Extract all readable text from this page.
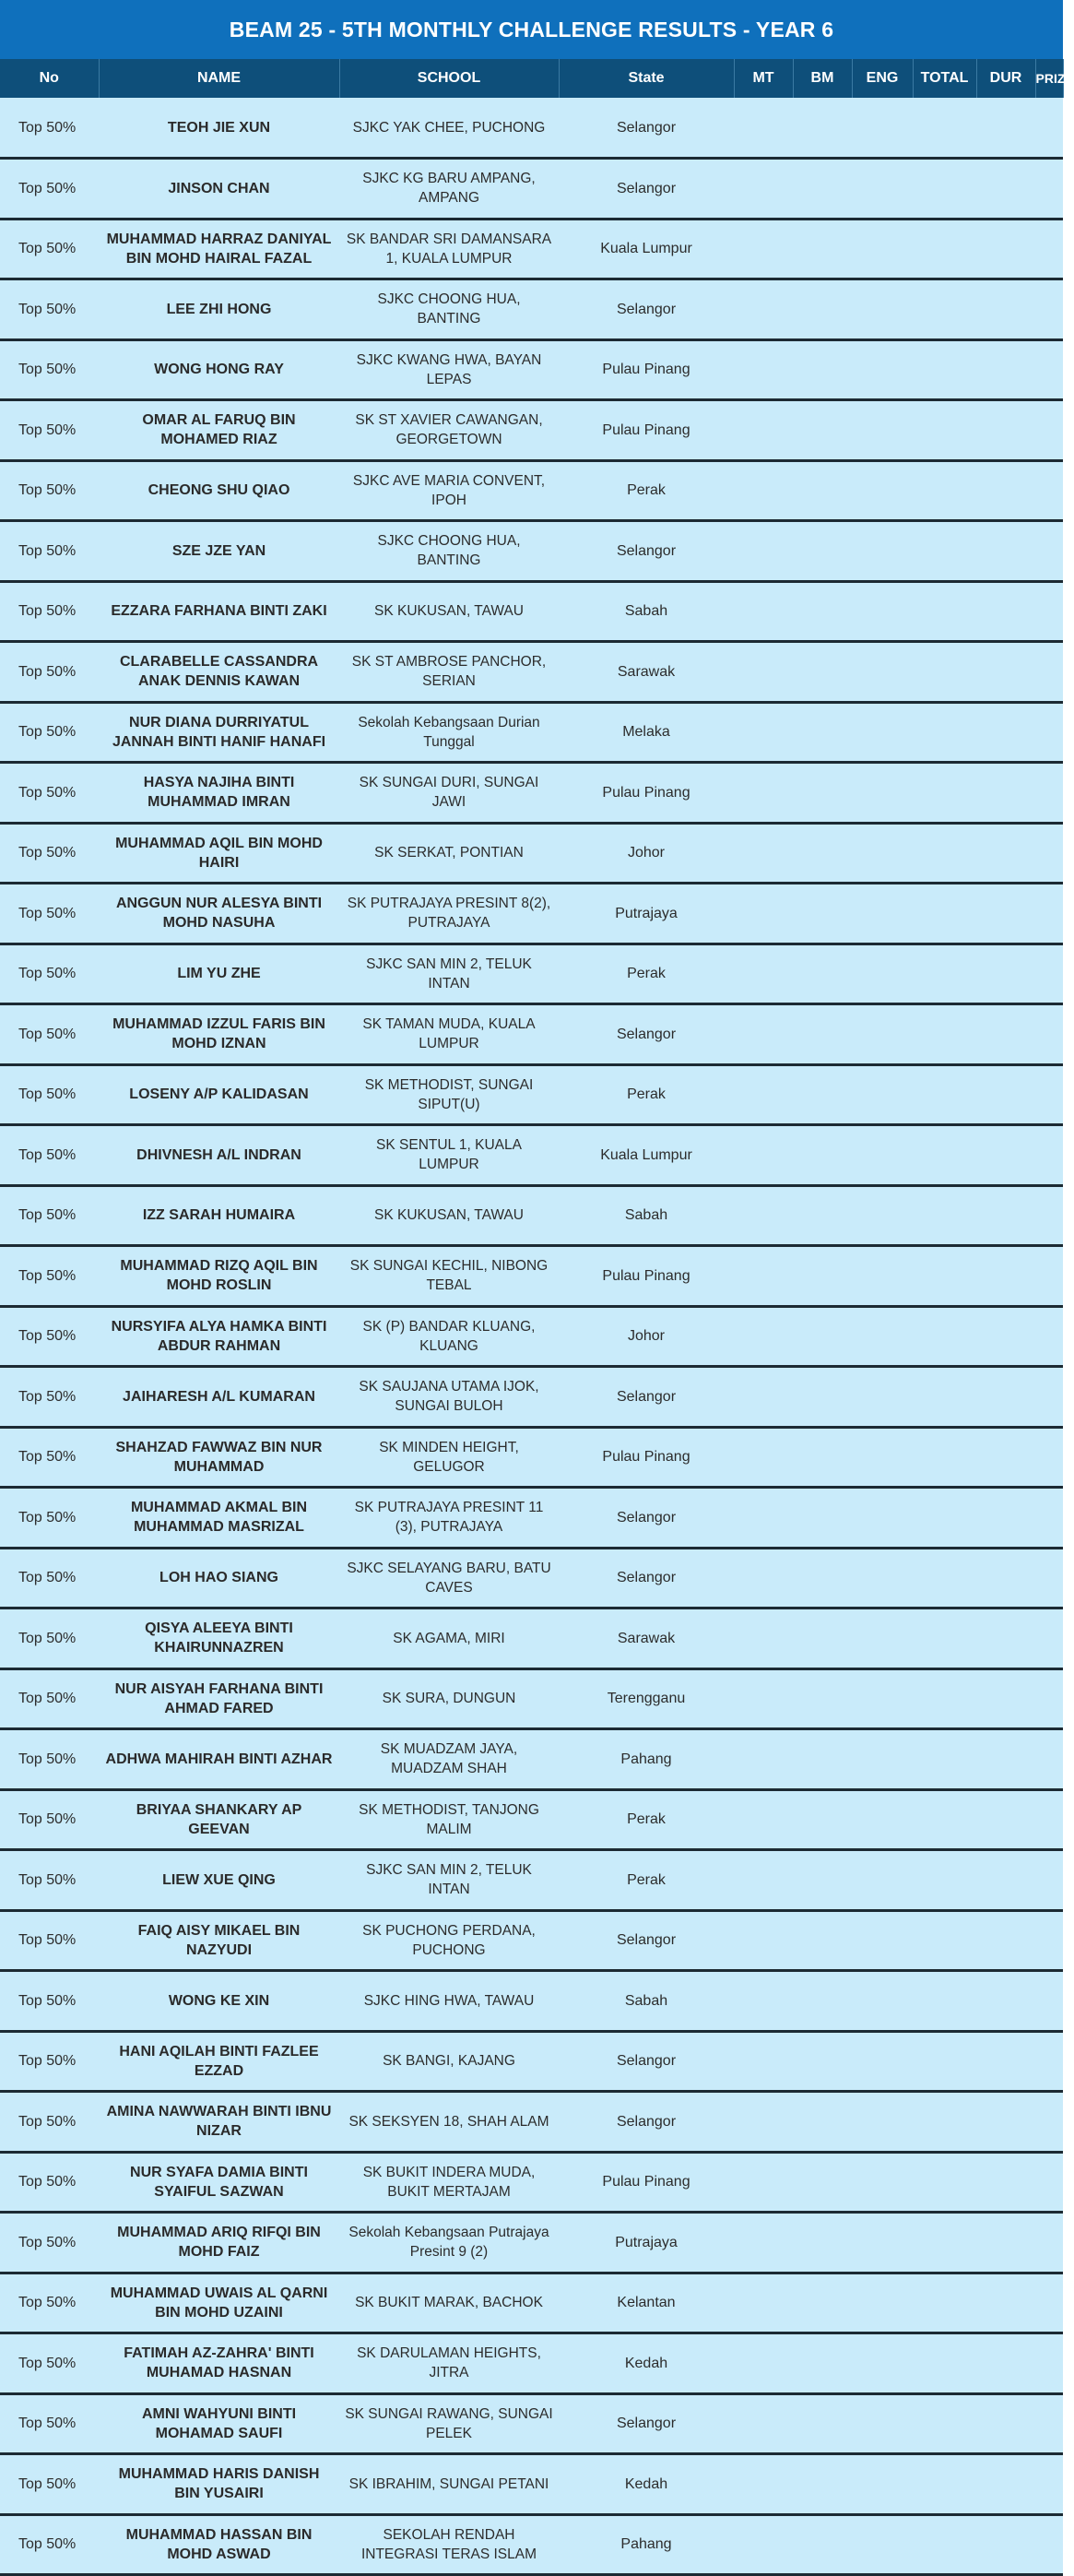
BEAM 25 - 5TH MONTHLY CHALLENGE RESULTS - YEAR 6
No	NAME	SCHOOL	State	MT	BM	ENG	TOTAL	DUR	PRIZE
Top 50%	TEOH JIE XUN	SJKC YAK CHEE, PUCHONG	Selangor						
Top 50%	JINSON CHAN	SJKC KG BARU AMPANG, AMPANG	Selangor						
Top 50%	MUHAMMAD HARRAZ DANIYAL BIN MOHD HAIRAL FAZAL	SK BANDAR SRI DAMANSARA 1, KUALA LUMPUR	Kuala Lumpur						
Top 50%	LEE ZHI HONG	SJKC CHOONG HUA, BANTING	Selangor						
Top 50%	WONG HONG RAY	SJKC KWANG HWA, BAYAN LEPAS	Pulau Pinang						
Top 50%	OMAR AL FARUQ BIN MOHAMED RIAZ	SK ST XAVIER CAWANGAN, GEORGETOWN	Pulau Pinang						
Top 50%	CHEONG SHU QIAO	SJKC AVE MARIA CONVENT, IPOH	Perak						
Top 50%	SZE JZE YAN	SJKC CHOONG HUA, BANTING	Selangor						
Top 50%	EZZARA FARHANA BINTI ZAKI	SK KUKUSAN, TAWAU	Sabah						
Top 50%	CLARABELLE CASSANDRA ANAK DENNIS KAWAN	SK ST AMBROSE PANCHOR, SERIAN	Sarawak						
Top 50%	NUR DIANA DURRIYATUL JANNAH BINTI HANIF HANAFI	Sekolah Kebangsaan Durian Tunggal	Melaka						
Top 50%	HASYA NAJIHA BINTI MUHAMMAD IMRAN	SK SUNGAI DURI, SUNGAI JAWI	Pulau Pinang						
Top 50%	MUHAMMAD AQIL BIN MOHD HAIRI	SK SERKAT, PONTIAN	Johor						
Top 50%	ANGGUN NUR ALESYA BINTI MOHD NASUHA	SK PUTRAJAYA PRESINT 8(2), PUTRAJAYA	Putrajaya						
Top 50%	LIM YU ZHE	SJKC SAN MIN 2, TELUK INTAN	Perak						
Top 50%	MUHAMMAD IZZUL FARIS BIN MOHD IZNAN	SK TAMAN MUDA, KUALA LUMPUR	Selangor						
Top 50%	LOSENY A/P KALIDASAN	SK METHODIST, SUNGAI SIPUT(U)	Perak						
Top 50%	DHIVNESH A/L INDRAN	SK SENTUL 1, KUALA LUMPUR	Kuala Lumpur						
Top 50%	IZZ SARAH HUMAIRA	SK KUKUSAN, TAWAU	Sabah						
Top 50%	MUHAMMAD RIZQ AQIL BIN MOHD ROSLIN	SK SUNGAI KECHIL, NIBONG TEBAL	Pulau Pinang						
Top 50%	NURSYIFA ALYA HAMKA BINTI ABDUR RAHMAN	SK (P) BANDAR KLUANG, KLUANG	Johor						
Top 50%	JAIHARESH A/L KUMARAN	SK SAUJANA UTAMA IJOK, SUNGAI BULOH	Selangor						
Top 50%	SHAHZAD FAWWAZ BIN NUR MUHAMMAD	SK MINDEN HEIGHT, GELUGOR	Pulau Pinang						
Top 50%	MUHAMMAD AKMAL BIN MUHAMMAD MASRIZAL	SK PUTRAJAYA PRESINT 11 (3), PUTRAJAYA	Selangor						
Top 50%	LOH HAO SIANG	SJKC SELAYANG BARU, BATU CAVES	Selangor						
Top 50%	QISYA ALEEYA BINTI KHAIRUNNAZREN	SK AGAMA, MIRI	Sarawak						
Top 50%	NUR AISYAH FARHANA BINTI AHMAD FARED	SK SURA, DUNGUN	Terengganu						
Top 50%	ADHWA MAHIRAH BINTI AZHAR	SK MUADZAM JAYA, MUADZAM SHAH	Pahang						
Top 50%	BRIYAA SHANKARY AP GEEVAN	SK METHODIST, TANJONG MALIM	Perak						
Top 50%	LIEW XUE QING	SJKC SAN MIN 2, TELUK INTAN	Perak						
Top 50%	FAIQ AISY MIKAEL BIN NAZYUDI	SK PUCHONG PERDANA, PUCHONG	Selangor						
Top 50%	WONG KE XIN	SJKC HING HWA, TAWAU	Sabah						
Top 50%	HANI AQILAH BINTI FAZLEE EZZAD	SK BANGI, KAJANG	Selangor						
Top 50%	AMINA NAWWARAH BINTI IBNU NIZAR	SK SEKSYEN 18, SHAH ALAM	Selangor						
Top 50%	NUR SYAFA DAMIA BINTI SYAIFUL SAZWAN	SK BUKIT INDERA MUDA, BUKIT MERTAJAM	Pulau Pinang						
Top 50%	MUHAMMAD ARIQ RIFQI BIN MOHD FAIZ	Sekolah Kebangsaan Putrajaya Presint 9 (2)	Putrajaya						
Top 50%	MUHAMMAD UWAIS AL QARNI BIN MOHD UZAINI	SK BUKIT MARAK, BACHOK	Kelantan						
Top 50%	FATIMAH AZ-ZAHRA' BINTI MUHAMAD HASNAN	SK DARULAMAN HEIGHTS, JITRA	Kedah						
Top 50%	AMNI WAHYUNI BINTI MOHAMAD SAUFI	SK SUNGAI RAWANG, SUNGAI PELEK	Selangor						
Top 50%	MUHAMMAD HARIS DANISH BIN YUSAIRI	SK IBRAHIM, SUNGAI PETANI	Kedah						
Top 50%	MUHAMMAD HASSAN BIN MOHD ASWAD	SEKOLAH RENDAH INTEGRASI TERAS ISLAM	Pahang						
